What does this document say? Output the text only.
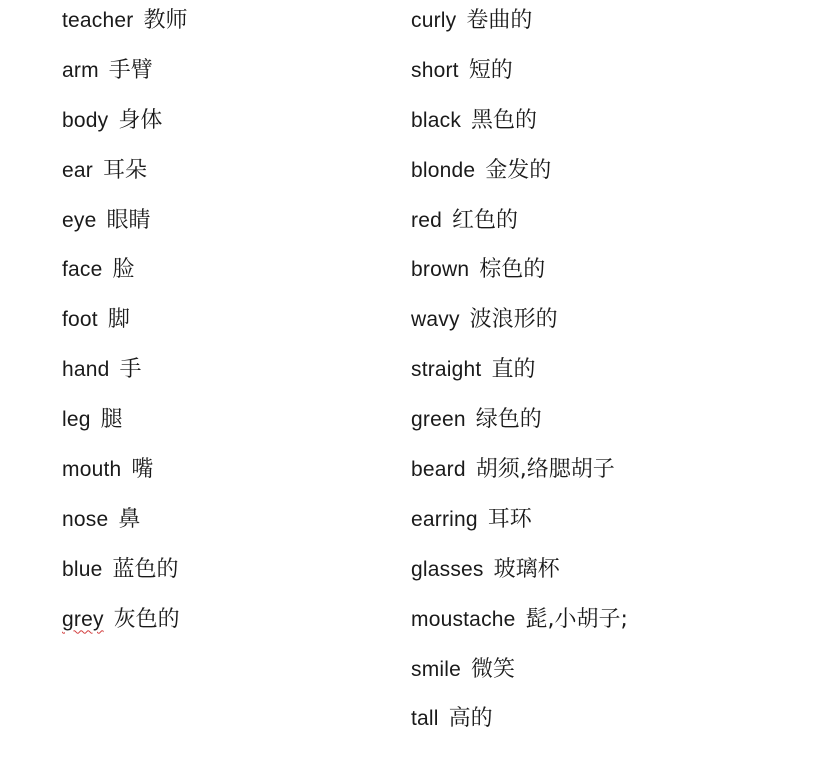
teacher 教师
arm 手臂
body 身体
ear 耳朵
eye 眼睛
face 脸
foot 脚
hand 手
leg 腿
mouth 嘴
nose 鼻
blue 蓝色的
grey 灰色的
curly 卷曲的
short 短的
black 黑色的
blonde 金发的
red 红色的
brown 棕色的
wavy 波浪形的
straight 直的
green 绿色的
beard 胡须,络腮胡子
earring 耳环
glasses 玻璃杯
moustache 髭,小胡子;
smile 微笑
tall 高的
